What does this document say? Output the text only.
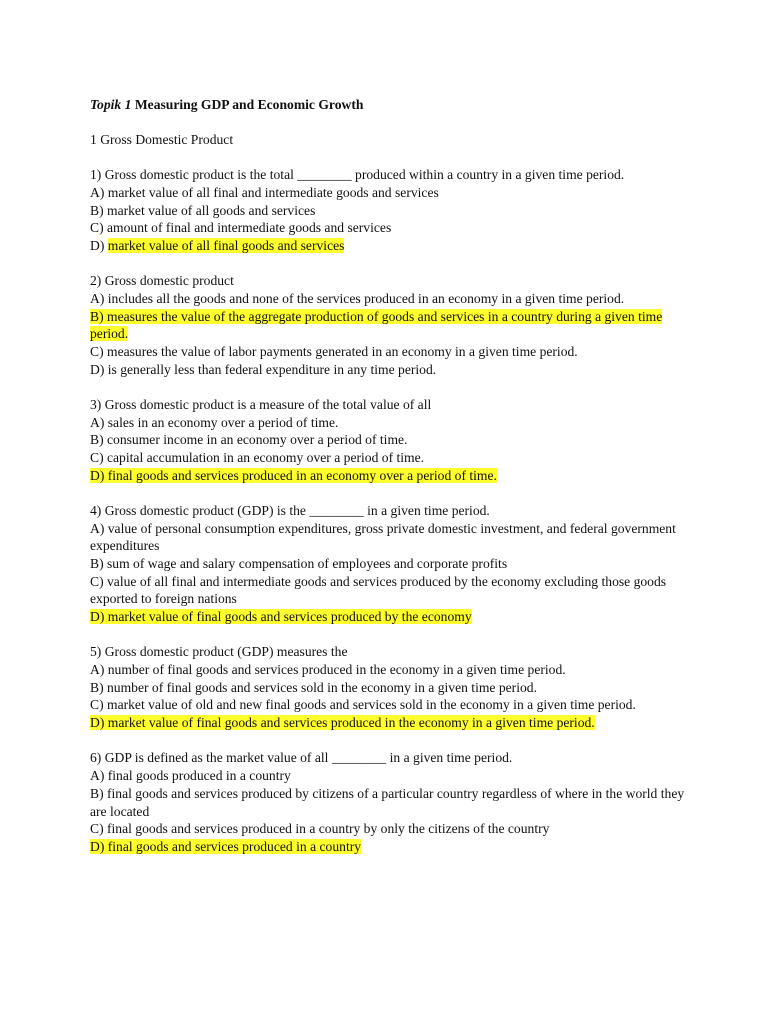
Topik 1 Measuring GDP and Economic Growth
1 Gross Domestic Product
1) Gross domestic product is the total ________ produced within a country in a given time period.
A) market value of all final and intermediate goods and services
B) market value of all goods and services
C) amount of final and intermediate goods and services
D) market value of all final goods and services
2) Gross domestic product
A) includes all the goods and none of the services produced in an economy in a given time period.
B) measures the value of the aggregate production of goods and services in a country during a given time period.
C) measures the value of labor payments generated in an economy in a given time period.
D) is generally less than federal expenditure in any time period.
3) Gross domestic product is a measure of the total value of all
A) sales in an economy over a period of time.
B) consumer income in an economy over a period of time.
C) capital accumulation in an economy over a period of time.
D) final goods and services produced in an economy over a period of time.
4) Gross domestic product (GDP) is the ________ in a given time period.
A) value of personal consumption expenditures, gross private domestic investment, and federal government expenditures
B) sum of wage and salary compensation of employees and corporate profits
C) value of all final and intermediate goods and services produced by the economy excluding those goods exported to foreign nations
D) market value of final goods and services produced by the economy
5) Gross domestic product (GDP) measures the
A) number of final goods and services produced in the economy in a given time period.
B) number of final goods and services sold in the economy in a given time period.
C) market value of old and new final goods and services sold in the economy in a given time period.
D) market value of final goods and services produced in the economy in a given time period.
6) GDP is defined as the market value of all ________ in a given time period.
A) final goods produced in a country
B) final goods and services produced by citizens of a particular country regardless of where in the world they are located
C) final goods and services produced in a country by only the citizens of the country
D) final goods and services produced in a country
